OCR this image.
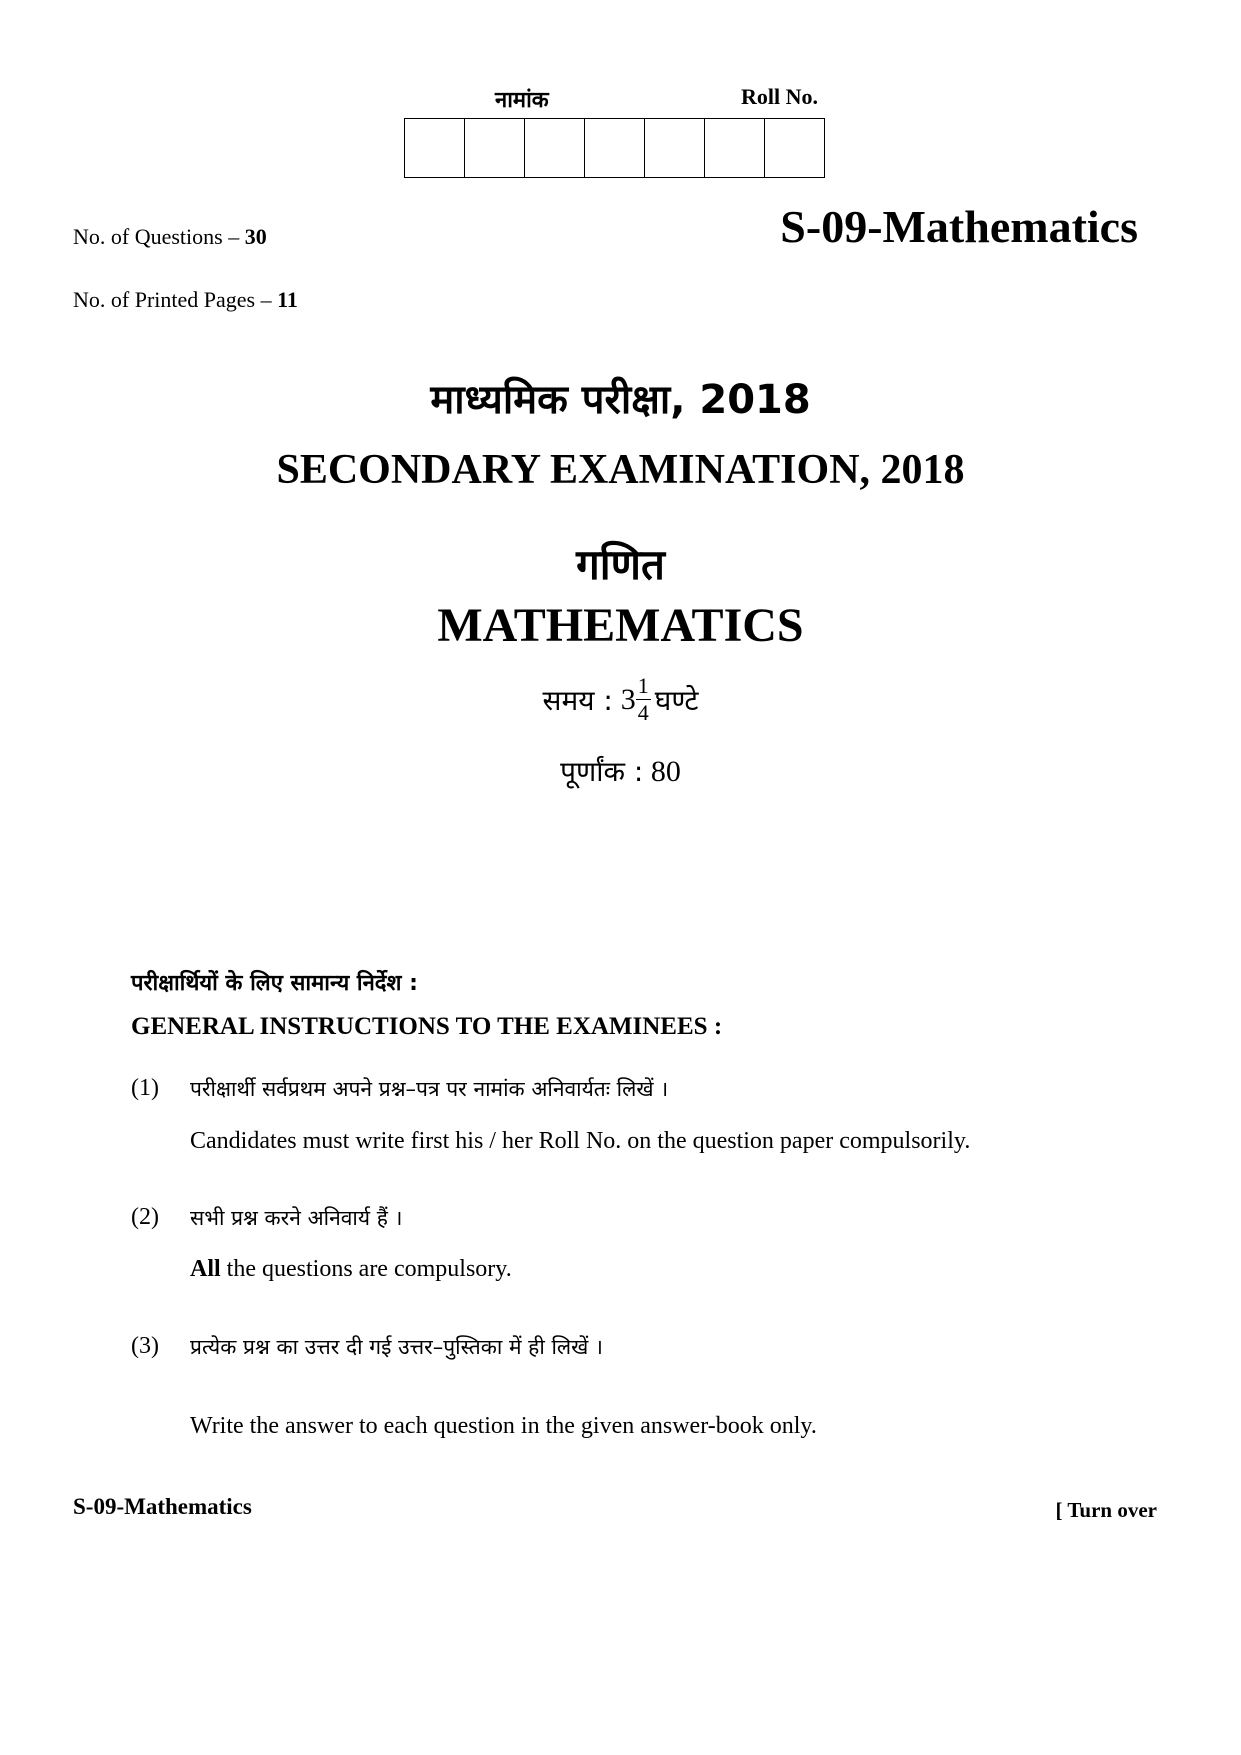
नामांक	Roll No.
No. of Questions – 30
No. of Printed Pages – 11
S-09-Mathematics
माध्यमिक परीक्षा, 2018
SECONDARY EXAMINATION, 2018
गणित
MATHEMATICS
समय : $3 \frac{1}{4}$ घण्टे
पूर्णांक : 80
परीक्षार्थियों के लिए सामान्य निर्देश :
GENERAL INSTRUCTIONS TO THE EXAMINEES :
(1) परीक्षार्थी सर्वप्रथम अपने प्रश्न–पत्र पर नामांक अनिवार्यतः लिखें ।
Candidates must write first his / her Roll No. on the question paper compulsorily.
(2) सभी प्रश्न करने अनिवार्य हैं ।
All the questions are compulsory.
(3) प्रत्येक प्रश्न का उत्तर दी गई उत्तर–पुस्तिका में ही लिखें ।
Write the answer to each question in the given answer-book only.
S-09-Mathematics	[ Turn over
